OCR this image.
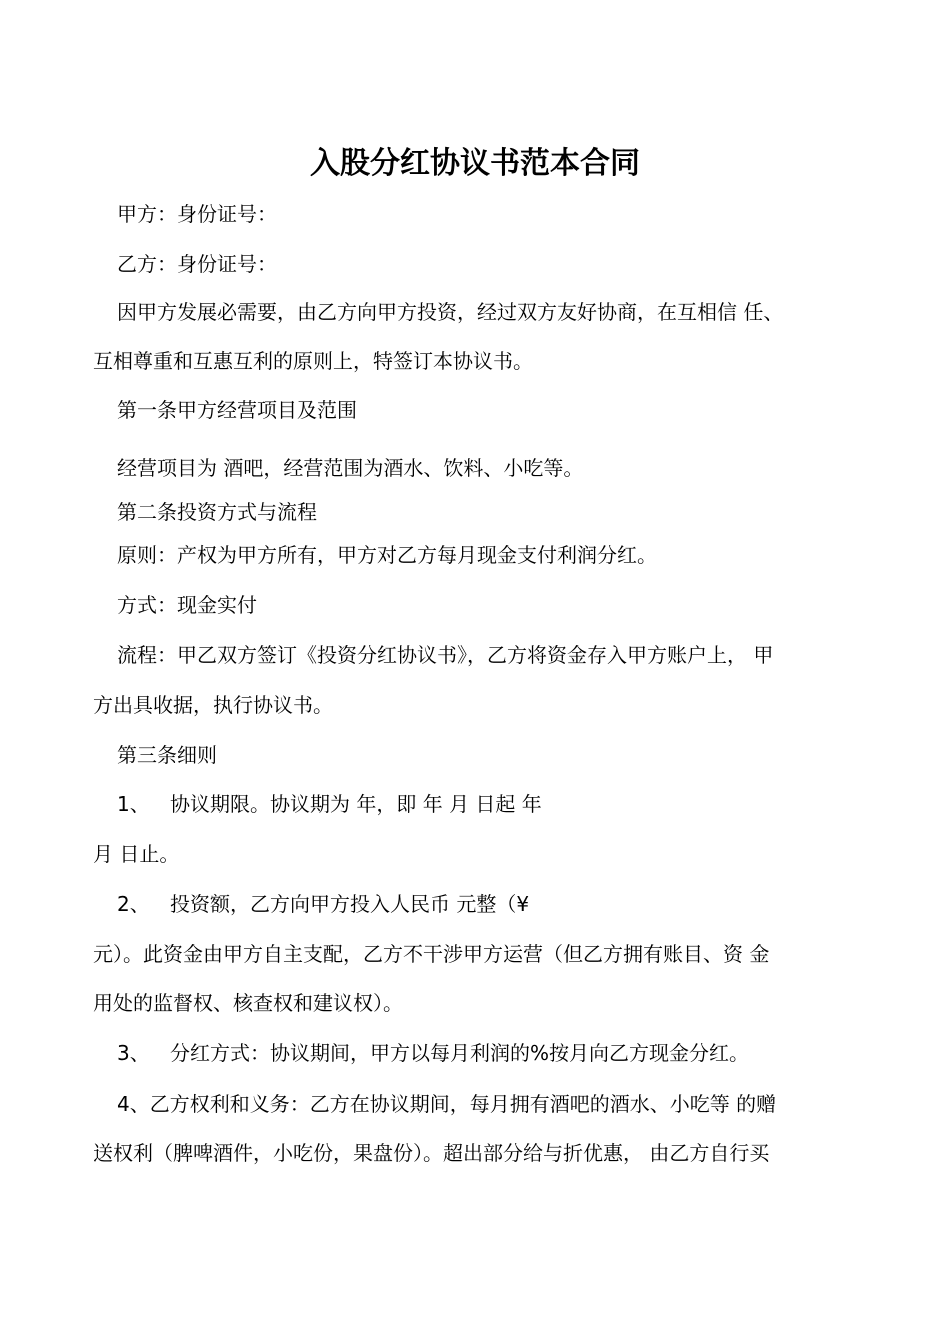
入股分红协议书范本合同
甲方：身份证号：
乙方：身份证号：
因甲方发展必需要，由乙方向甲方投资，经过双方友好协商，在互相信 任、
互相尊重和互惠互利的原则上，特签订本协议书。
第一条甲方经营项目及范围
经营项目为 酒吧，经营范围为酒水、饮料、小吃等。
第二条投资方式与流程
原则：产权为甲方所有，甲方对乙方每月现金支付利润分红。
方式：现金实付
流程：甲乙双方签订《投资分红协议书》，乙方将资金存入甲方账户上， 甲
方出具收据，执行协议书。
第三条细则
1、 协议期限。协议期为 年，即 年 月 日起 年
月 日止。
2、 投资额，乙方向甲方投入人民币 元整（¥
元）。此资金由甲方自主支配，乙方不干涉甲方运营（但乙方拥有账目、资 金
用处的监督权、核查权和建议权）。
3、 分红方式：协议期间，甲方以每月利润的%按月向乙方现金分红。
4、乙方权利和义务：乙方在协议期间，每月拥有酒吧的酒水、小吃等 的赠
送权利（脾啤酒件，小吃份，果盘份）。超出部分给与折优惠， 由乙方自行买
